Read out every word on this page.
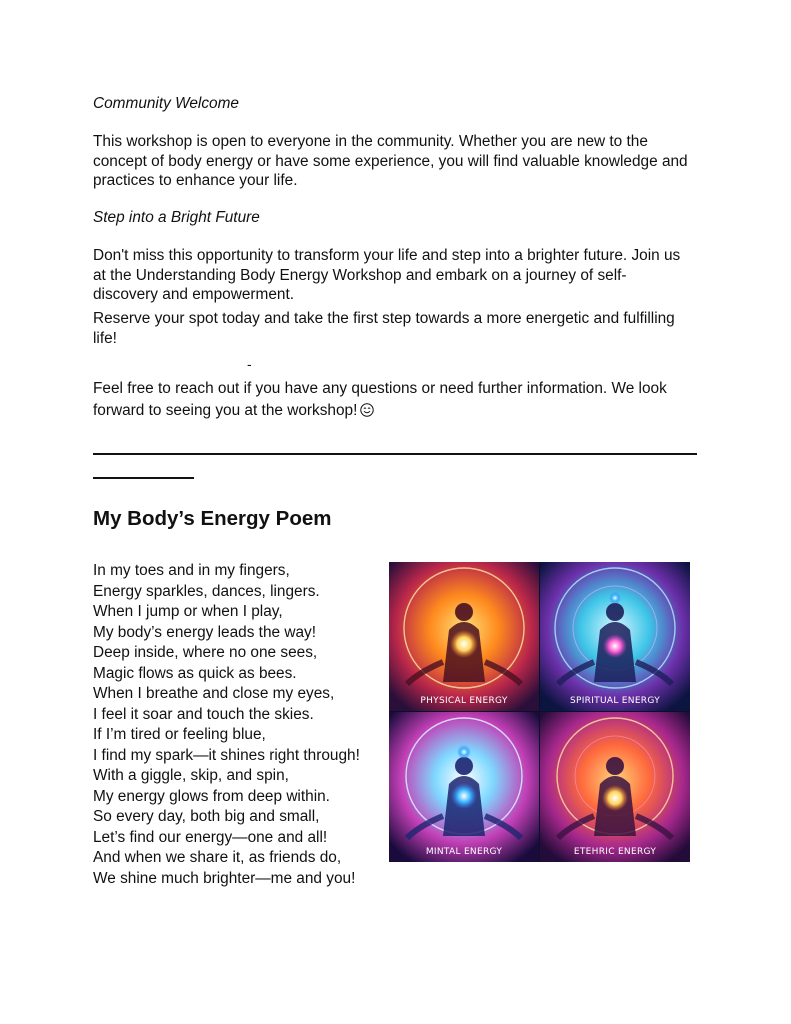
Community Welcome
This workshop is open to everyone in the community. Whether you are new to the
concept of body energy or have some experience, you will find valuable knowledge and
practices to enhance your life.
Step into a Bright Future
Don't miss this opportunity to transform your life and step into a brighter future. Join us
at the Understanding Body Energy Workshop and embark on a journey of self-
discovery and empowerment.
Reserve your spot today and take the first step towards a more energetic and fulfilling
life!
-
Feel free to reach out if you have any questions or need further information. We look
forward to seeing you at the workshop!
My Body’s Energy Poem
In my toes and in my fingers,
Energy sparkles, dances, lingers.
When I jump or when I play,
My body’s energy leads the way!
Deep inside, where no one sees,
Magic flows as quick as bees.
When I breathe and close my eyes,
I feel it soar and touch the skies.
If I’m tired or feeling blue,
I find my spark—it shines right through!
With a giggle, skip, and spin,
My energy glows from deep within.
So every day, both big and small,
Let’s find our energy—one and all!
And when we share it, as friends do,
We shine much brighter—me and you!
PHYSICAL ENERGY	SPIRITUAL ENERGY
MINTAL ENERGY	ETEHRIC ENERGY
